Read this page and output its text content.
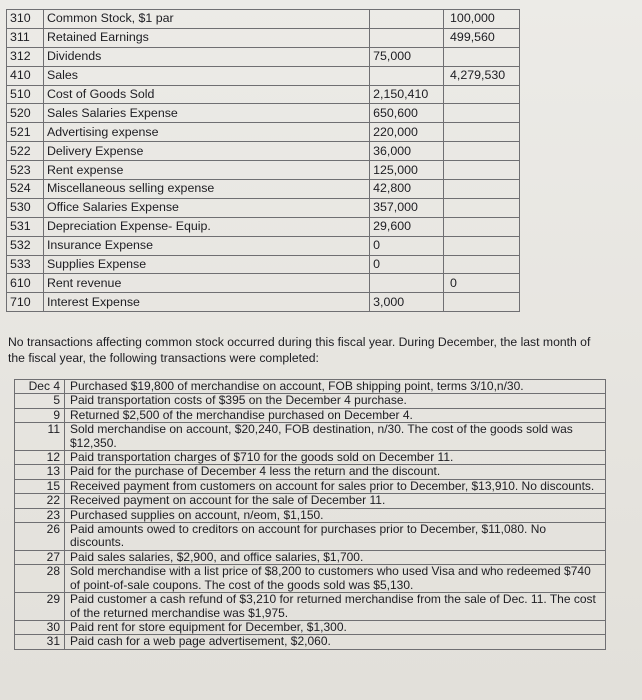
310	Common Stock, $1 par		100,000
311	Retained Earnings		499,560
312	Dividends	75,000	
410	Sales		4,279,530
510	Cost of Goods Sold	2,150,410	
520	Sales Salaries Expense	650,600	
521	Advertising expense	220,000	
522	Delivery Expense	36,000	
523	Rent expense	125,000	
524	Miscellaneous selling expense	42,800	
530	Office Salaries Expense	357,000	
531	Depreciation Expense- Equip.	29,600	
532	Insurance Expense	0	
533	Supplies Expense	0	
610	Rent revenue		0
710	Interest Expense	3,000	
No transactions affecting common stock occurred during this fiscal year. During December, the last month of the fiscal year, the following transactions were completed:
Dec 4	Purchased $19,800 of merchandise on account, FOB shipping point, terms 3/10,n/30.
5	Paid transportation costs of $395 on the December 4 purchase.
9	Returned $2,500 of the merchandise purchased on December 4.
11	Sold merchandise on account, $20,240, FOB destination, n/30. The cost of the goods sold was $12,350.
12	Paid transportation charges of $710 for the goods sold on December 11.
13	Paid for the purchase of December 4 less the return and the discount.
15	Received payment from customers on account for sales prior to December, $13,910. No discounts.
22	Received payment on account for the sale of December 11.
23	Purchased supplies on account, n/eom, $1,150.
26	Paid amounts owed to creditors on account for purchases prior to December, $11,080. No discounts.
27	Paid sales salaries, $2,900, and office salaries, $1,700.
28	Sold merchandise with a list price of $8,200 to customers who used Visa and who redeemed $740 of point-of-sale coupons. The cost of the goods sold was $5,130.
29	Paid customer a cash refund of $3,210 for returned merchandise from the sale of Dec. 11. The cost of the returned merchandise was $1,975.
30	Paid rent for store equipment for December, $1,300.
31	Paid cash for a web page advertisement, $2,060.
